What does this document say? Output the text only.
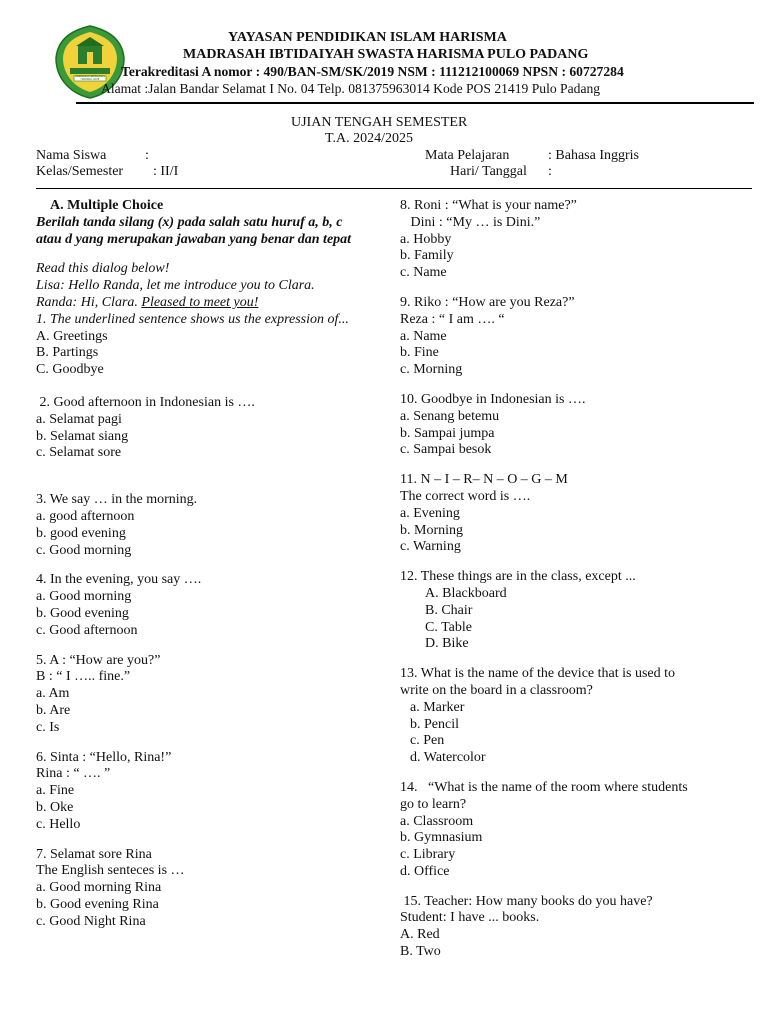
MADRASAH IBTIDAIYAH HARISMA 2008
YAYASAN PENDIDIKAN ISLAM HARISMA
MADRASAH IBTIDAIYAH SWASTA HARISMA PULO PADANG
Terakreditasi A nomor : 490/BAN-SM/SK/2019 NSM : 111212100069 NPSN : 60727284
Alamat :Jalan Bandar Selamat I No. 04 Telp. 081375963014 Kode POS 21419 Pulo Padang
UJIAN TENGAH SEMESTER
T.A. 2024/2025
Nama Siswa	:
Kelas/Semester : II/I
Mata Pelajaran	: Bahasa Inggris
Hari/ Tanggal :
A. Multiple Choice
Berilah tanda silang (x) pada salah satu huruf a, b, c atau d yang merupakan jawaban yang benar dan tepat
Read this dialog below!
Lisa: Hello Randa, let me introduce you to Clara.
Randa: Hi, Clara. Pleased to meet you!
1. The underlined sentence shows us the expression of...
A. Greetings
B. Partings
C. Goodbye
2. Good afternoon in Indonesian is ….
a. Selamat pagi
b. Selamat siang
c. Selamat sore
3. We say … in the morning.
a. good afternoon
b. good evening
c. Good morning
4. In the evening, you say ….
a. Good morning
b. Good evening
c. Good afternoon
5. A : “How are you?”
B : “ I ….. fine.”
a. Am
b. Are
c. Is
6. Sinta : “Hello, Rina!”
Rina : “ …. ”
a. Fine
b. Oke
c. Hello
7. Selamat sore Rina
The English senteces is …
a. Good morning Rina
b. Good evening Rina
c. Good Night Rina
8. Roni : “What is your name?”
Dini : “My … is Dini.”
a. Hobby
b. Family
c. Name
9. Riko : “How are you Reza?”
Reza : “ I am …. “
a. Name
b. Fine
c. Morning
10. Goodbye in Indonesian is ….
a. Senang betemu
b. Sampai jumpa
c. Sampai besok
11. N – I – R– N – O – G – M
The correct word is ….
a. Evening
b. Morning
c. Warning
12. These things are in the class, except ...
A. Blackboard
B. Chair
C. Table
D. Bike
13. What is the name of the device that is used to
write on the board in a classroom?
a. Marker
b. Pencil
c. Pen
d. Watercolor
14.   “What is the name of the room where students
go to learn?
a. Classroom
b. Gymnasium
c. Library
d. Office
15. Teacher: How many books do you have?
Student: I have ... books.
A. Red
B. Two
